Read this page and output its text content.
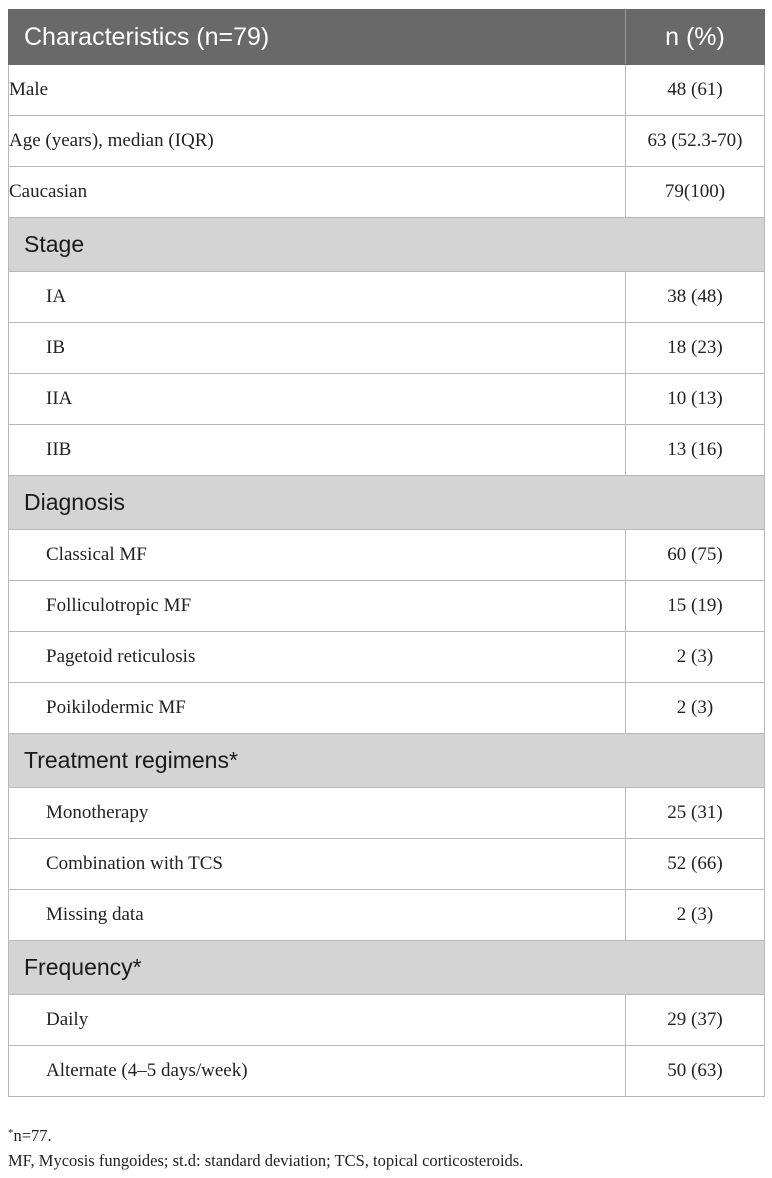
Characteristics (n=79)	n (%)
Male	48 (61)
Age (years), median (IQR)	63 (52.3-70)
Caucasian	79(100)
Stage	
IA	38 (48)
IB	18 (23)
IIA	10 (13)
IIB	13 (16)
Diagnosis	
Classical MF	60 (75)
Folliculotropic MF	15 (19)
Pagetoid reticulosis	2 (3)
Poikilodermic MF	2 (3)
Treatment regimens*	
Monotherapy	25 (31)
Combination with TCS	52 (66)
Missing data	2 (3)
Frequency*	
Daily	29 (37)
Alternate (4–5 days/week)	50 (63)
*n=77.
MF, Mycosis fungoides; st.d: standard deviation; TCS, topical corticosteroids.
